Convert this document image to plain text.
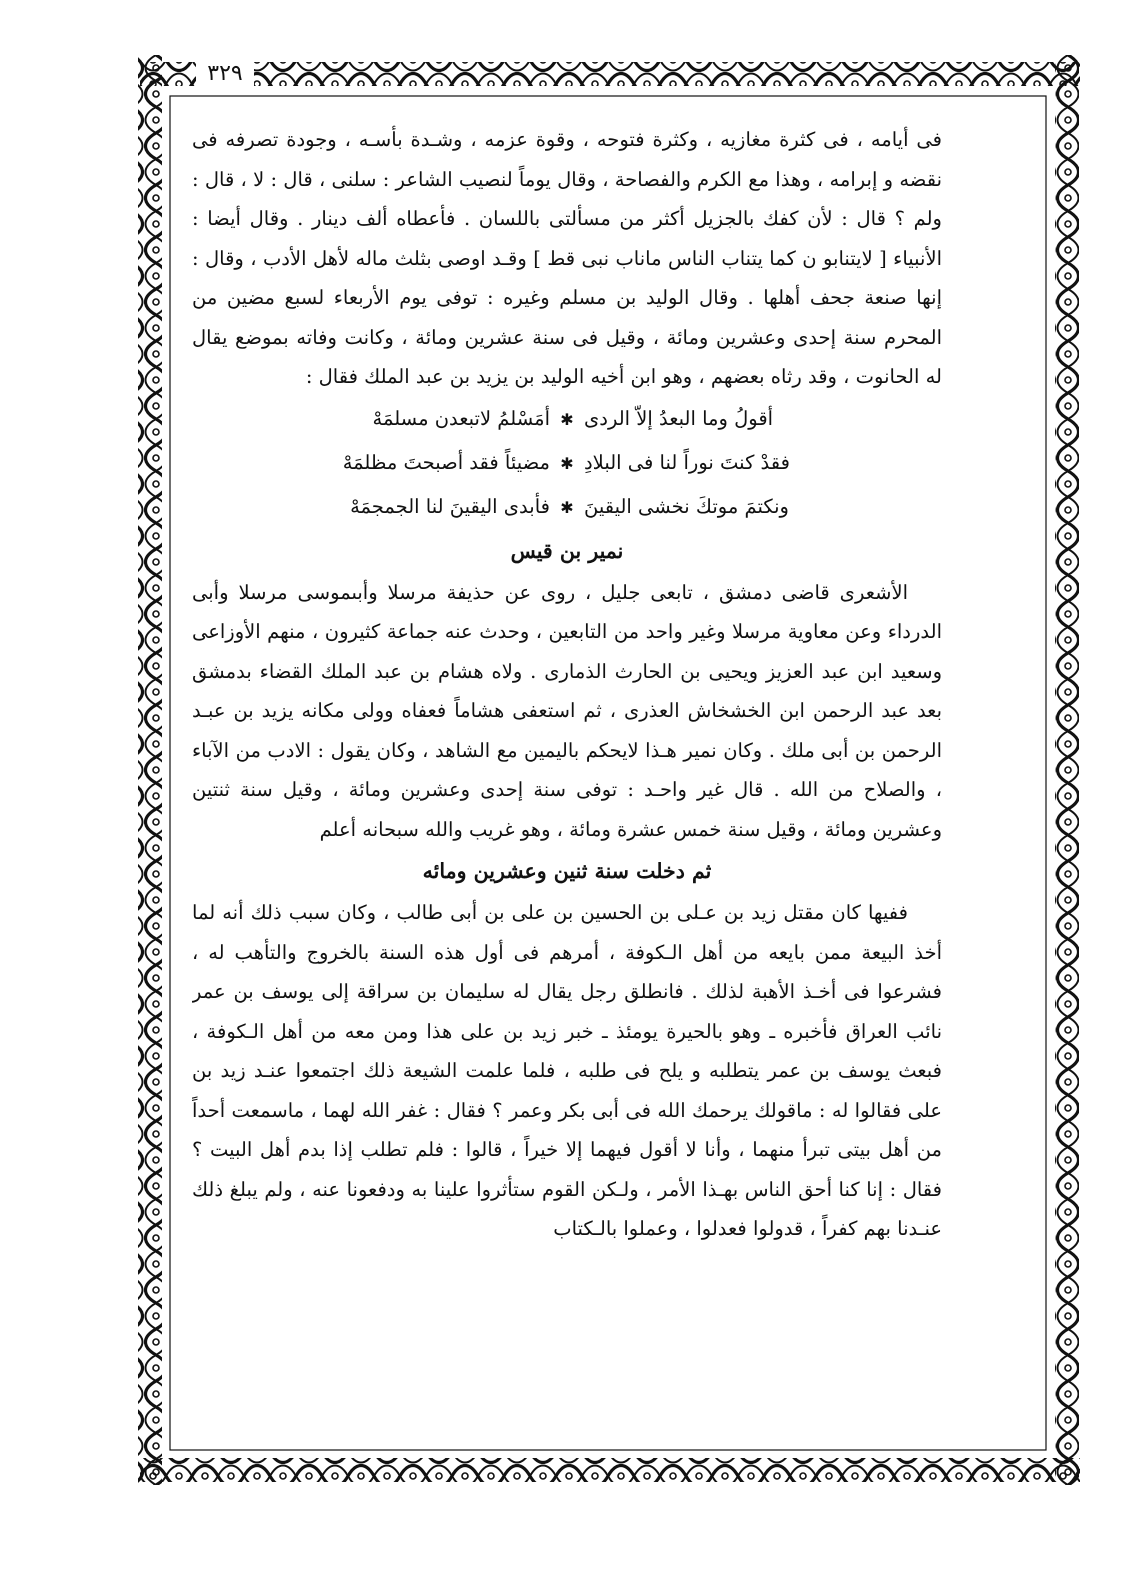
٣٢٩

فى أيامه ، فى كثرة مغازيه ، وكثرة فتوحه ، وقوة عزمه ، وشـدة بأسـه ، وجودة تصرفه فى نقضه و إبرامه ، وهذا مع الكرم والفصاحة ، وقال يوماً لنصيب الشاعر : سلنى ، قال : لا ، قال : ولم ؟ قال : لأن كفك بالجزيل أكثر من مسألتى باللسان . فأعطاه ألف دينار . وقال أيضا : الأنبياء [ لايتنابو ن كما يتناب الناس ماناب نبى قط ] وقـد اوصى بثلث ماله لأهل الأدب ، وقال : إنها صنعة جحف أهلها . وقال الوليد بن مسلم وغيره : توفى يوم الأربعاء لسبع مضين من المحرم سنة إحدى وعشرين ومائة ، وقيل فى سنة عشرين ومائة ، وكانت وفاته بموضع يقال له الحانوت ، وقد رثاه بعضهم ، وهو ابن أخيه الوليد بن يزيد بن عبد الملك فقال :

أقولُ وما البعدُ إلاّ الردى
✱
أمَسْلمُ لاتبعدن مسلمَهْ
فقدْ كنتَ نوراً لنا فى البلادِ
✱
مضيئاً فقد أصبحتَ مظلمَهْ
ونكتمَ موتكَ نخشى اليقينَ
✱
فأبدى اليقينَ لنا الجمجمَهْ
نمير بن قيس

الأشعرى قاضى دمشق ، تابعى جليل ، روى عن حذيفة مرسلا وأبىموسى مرسلا وأبى الدرداء وعن معاوية مرسلا وغير واحد من التابعين ، وحدث عنه جماعة كثيرون ، منهم الأوزاعى وسعيد ابن عبد العزيز ويحيى بن الحارث الذمارى . ولاه هشام بن عبد الملك القضاء بدمشق بعد عبد الرحمن ابن الخشخاش العذرى ، ثم استعفى هشاماً فعفاه وولى مكانه يزيد بن عبـد الرحمن بن أبى ملك . وكان نمير هـذا لايحكم باليمين مع الشاهد ، وكان يقول : الادب من الآباء ، والصلاح من الله . قال غير واحـد : توفى سنة إحدى وعشرين ومائة ، وقيل سنة ثنتين وعشرين ومائة ، وقيل سنة خمس عشرة ومائة ، وهو غريب والله سبحانه أعلم

ثم دخلت سنة ثنين وعشرين ومائه

ففيها كان مقتل زيد بن عـلى بن الحسين بن على بن أبى طالب ، وكان سبب ذلك أنه لما أخذ البيعة ممن بايعه من أهل الـكوفة ، أمرهم فى أول هذه السنة بالخروج والتأهب له ، فشرعوا فى أخـذ الأهبة لذلك . فانطلق رجل يقال له سليمان بن سراقة إلى يوسف بن عمر نائب العراق فأخبره ـ وهو بالحيرة يومئذ ـ خبر زيد بن على هذا ومن معه من أهل الـكوفة ، فبعث يوسف بن عمر يتطلبه و يلح فى طلبه ، فلما علمت الشيعة ذلك اجتمعوا عنـد زيد بن على فقالوا له : ماقولك يرحمك الله فى أبى بكر وعمر ؟ فقال : غفر الله لهما ، ماسمعت أحداً من أهل بيتى تبرأ منهما ، وأنا لا أقول فيهما إلا خيراً ، قالوا : فلم تطلب إذا بدم أهل البيت ؟ فقال : إنا كنا أحق الناس بهـذا الأمر ، ولـكن القوم ستأثروا علينا به ودفعونا عنه ، ولم يبلغ ذلك عنـدنا بهم كفراً ، قدولوا فعدلوا ، وعملوا بالـكتاب
